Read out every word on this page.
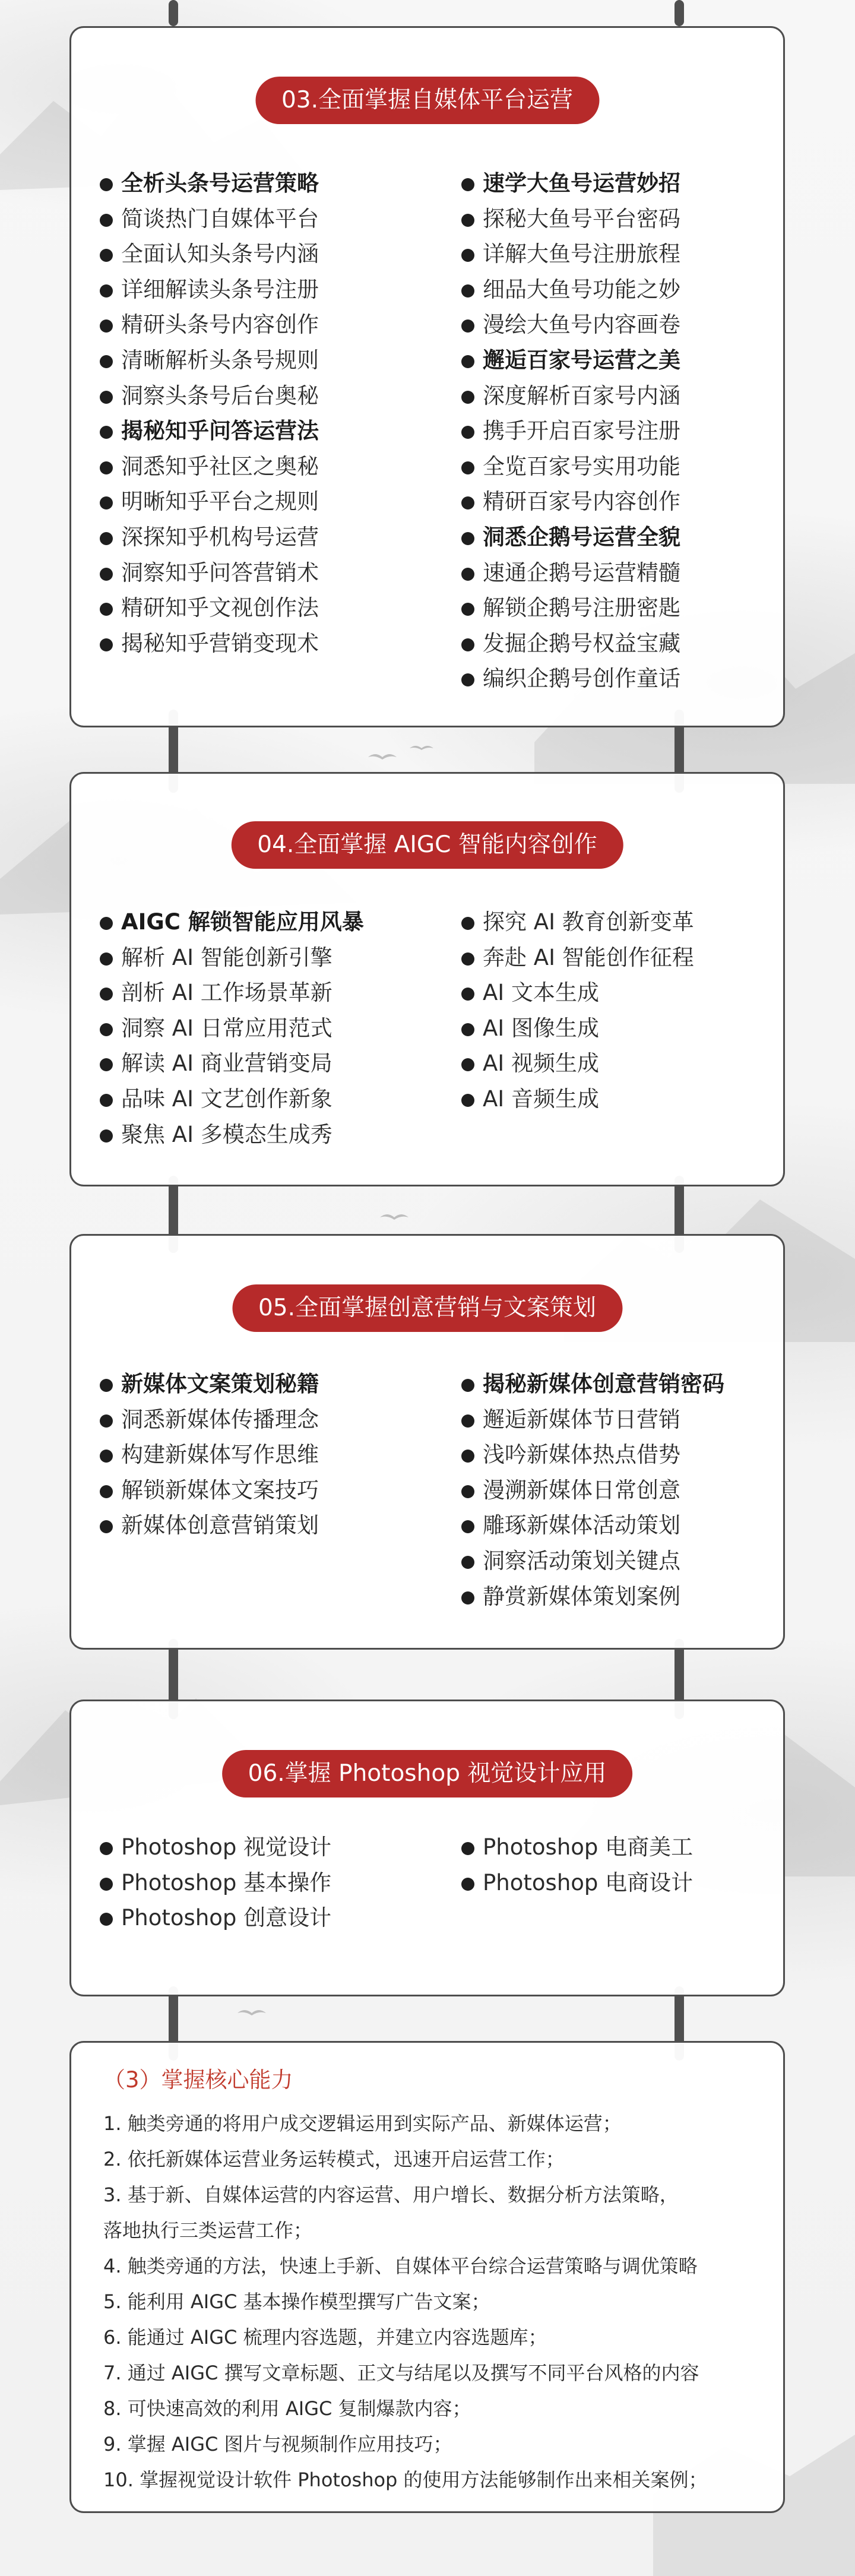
03.全面掌握自媒体平台运营
全析头条号运营策略
简谈热门自媒体平台
全面认知头条号内涵
详细解读头条号注册
精研头条号内容创作
清晰解析头条号规则
洞察头条号后台奥秘
揭秘知乎问答运营法
洞悉知乎社区之奥秘
明晰知乎平台之规则
深探知乎机构号运营
洞察知乎问答营销术
精研知乎文视创作法
揭秘知乎营销变现术
速学大鱼号运营妙招
探秘大鱼号平台密码
详解大鱼号注册旅程
细品大鱼号功能之妙
漫绘大鱼号内容画卷
邂逅百家号运营之美
深度解析百家号内涵
携手开启百家号注册
全览百家号实用功能
精研百家号内容创作
洞悉企鹅号运营全貌
速通企鹅号运营精髓
解锁企鹅号注册密匙
发掘企鹅号权益宝藏
编织企鹅号创作童话
04.全面掌握 AIGC 智能内容创作
AIGC 解锁智能应用风暴
解析 AI 智能创新引擎
剖析 AI 工作场景革新
洞察 AI 日常应用范式
解读 AI 商业营销变局
品味 AI 文艺创作新象
聚焦 AI 多模态生成秀
探究 AI 教育创新变革
奔赴 AI 智能创作征程
AI 文本生成
AI 图像生成
AI 视频生成
AI 音频生成
05.全面掌握创意营销与文案策划
新媒体文案策划秘籍
洞悉新媒体传播理念
构建新媒体写作思维
解锁新媒体文案技巧
新媒体创意营销策划
揭秘新媒体创意营销密码
邂逅新媒体节日营销
浅吟新媒体热点借势
漫溯新媒体日常创意
雕琢新媒体活动策划
洞察活动策划关键点
静赏新媒体策划案例
06.掌握 Photoshop 视觉设计应用
Photoshop 视觉设计
Photoshop 基本操作
Photoshop 创意设计
Photoshop 电商美工
Photoshop 电商设计
（3）掌握核心能力
1. 触类旁通的将用户成交逻辑运用到实际产品、新媒体运营；
2. 依托新媒体运营业务运转模式，迅速开启运营工作；
3. 基于新、自媒体运营的内容运营、用户增长、数据分析方法策略，
落地执行三类运营工作；
4. 触类旁通的方法，快速上手新、自媒体平台综合运营策略与调优策略
5. 能利用 AIGC 基本操作模型撰写广告文案；
6. 能通过 AIGC 梳理内容选题，并建立内容选题库；
7. 通过 AIGC 撰写文章标题、正文与结尾以及撰写不同平台风格的内容
8. 可快速高效的利用 AIGC 复制爆款内容；
9. 掌握 AIGC 图片与视频制作应用技巧；
10. 掌握视觉设计软件 Photoshop 的使用方法能够制作出来相关案例；
